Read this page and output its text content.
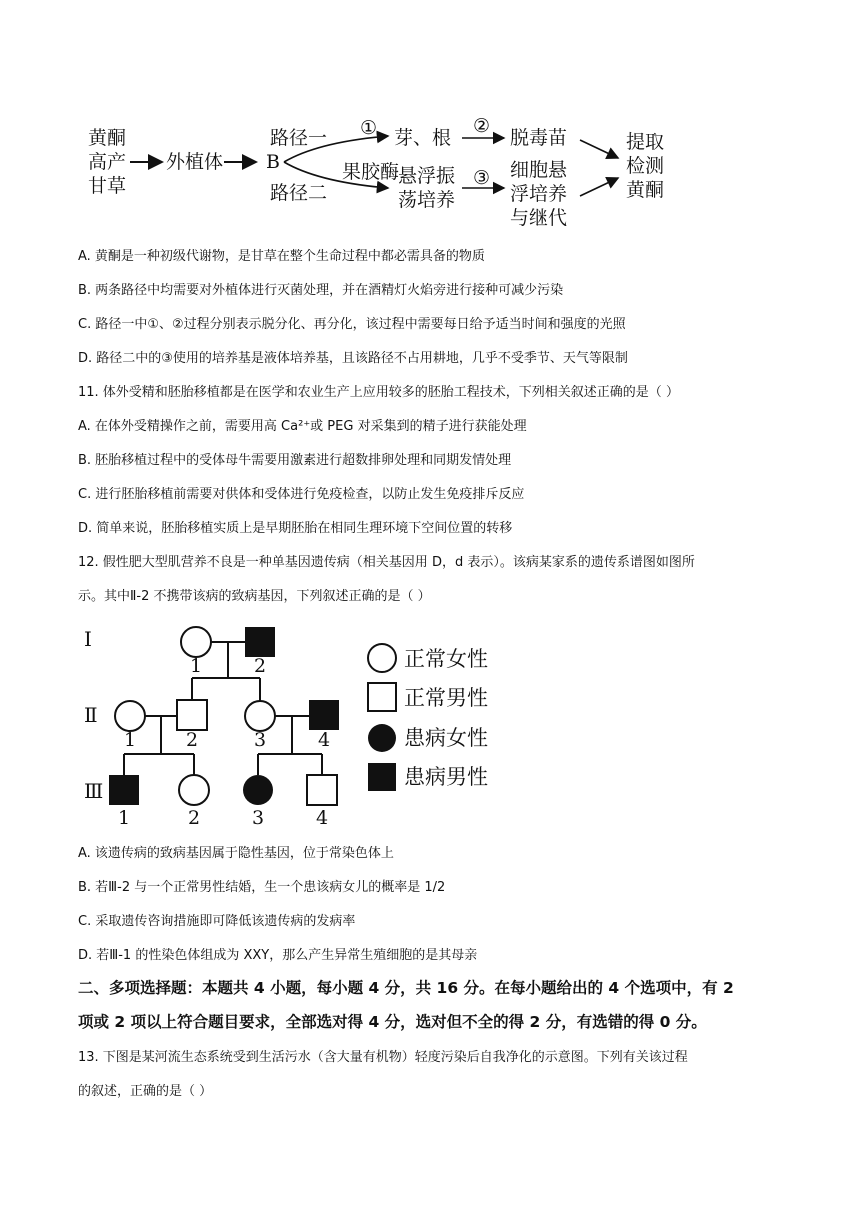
黄酮
高产
甘草
外植体 B
路径一
路径二
①
果胶酶
芽、根
②
脱毒苗
悬浮振
荡培养
③ 细胞悬
浮培养
与继代
提取
检测
黄酮
A. 黄酮是一种初级代谢物，是甘草在整个生命过程中都必需具备的物质
B. 两条路径中均需要对外植体进行灭菌处理，并在酒精灯火焰旁进行接种可减少污染
C. 路径一中①、②过程分别表示脱分化、再分化，该过程中需要每日给予适当时间和强度的光照
D. 路径二中的③使用的培养基是液体培养基，且该路径不占用耕地，几乎不受季节、天气等限制
11. 体外受精和胚胎移植都是在医学和农业生产上应用较多的胚胎工程技术，下列相关叙述正确的是（ ）
A. 在体外受精操作之前，需要用高 Ca²⁺或 PEG 对采集到的精子进行获能处理
B. 胚胎移植过程中的受体母牛需要用激素进行超数排卵处理和同期发情处理
C. 进行胚胎移植前需要对供体和受体进行免疫检查，以防止发生免疫排斥反应
D. 简单来说，胚胎移植实质上是早期胚胎在相同生理环境下空间位置的转移
12. 假性肥大型肌营养不良是一种单基因遗传病（相关基因用 D，d 表示）。该病某家系的遗传系谱图如图所
示。其中Ⅱ-2 不携带该病的致病基因，下列叙述正确的是（ ）
Ⅰ
Ⅱ
Ⅲ
1	2
1	2	3	4
1	2	3	4
正常女性
正常男性
患病女性
患病男性
A. 该遗传病的致病基因属于隐性基因，位于常染色体上
B. 若Ⅲ-2 与一个正常男性结婚，生一个患该病女儿的概率是 1/2
C. 采取遗传咨询措施即可降低该遗传病的发病率
D. 若Ⅲ-1 的性染色体组成为 XXY，那么产生异常生殖细胞的是其母亲
二、多项选择题：本题共 4 小题，每小题 4 分，共 16 分。在每小题给出的 4 个选项中，有 2
项或 2 项以上符合题目要求，全部选对得 4 分，选对但不全的得 2 分，有选错的得 0 分。
13. 下图是某河流生态系统受到生活污水（含大量有机物）轻度污染后自我净化的示意图。下列有关该过程
的叙述，正确的是（ ）
